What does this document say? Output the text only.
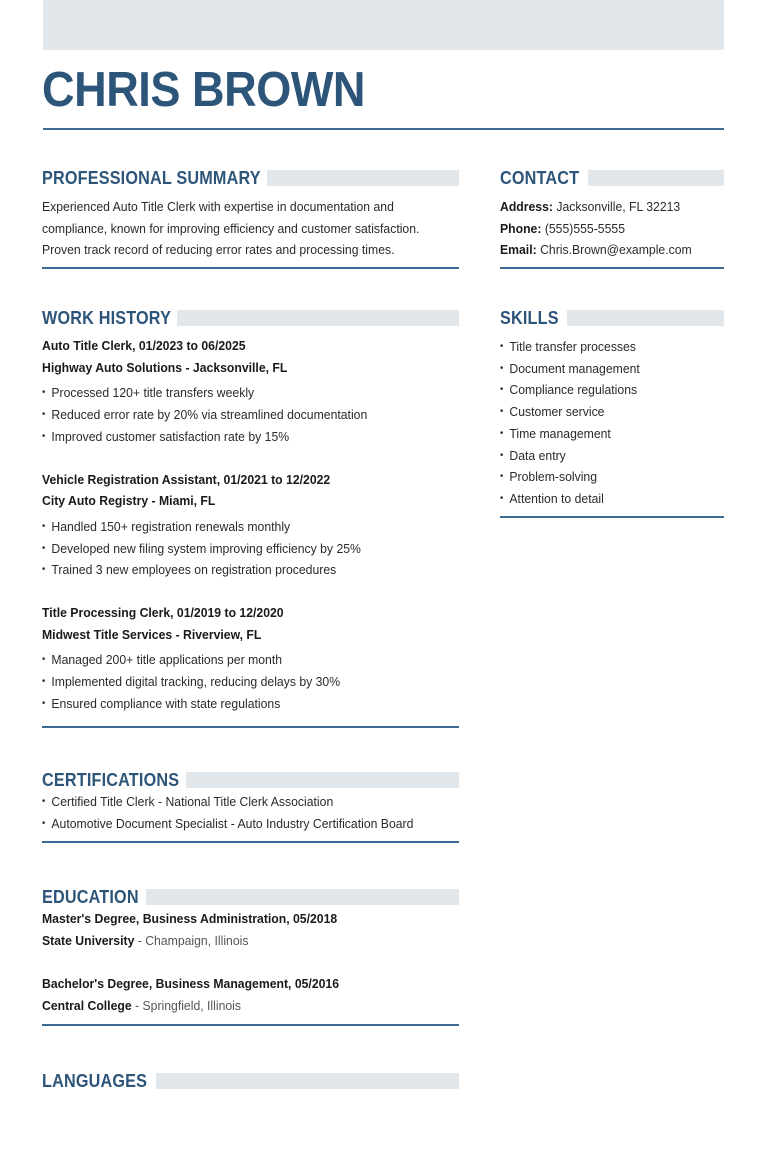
CHRIS BROWN
PROFESSIONAL SUMMARY
Experienced Auto Title Clerk with expertise in documentation and
compliance, known for improving efficiency and customer satisfaction.
Proven track record of reducing error rates and processing times.
WORK HISTORY
Auto Title Clerk, 01/2023 to 06/2025
Highway Auto Solutions - Jacksonville, FL
• Processed 120+ title transfers weekly
• Reduced error rate by 20% via streamlined documentation
• Improved customer satisfaction rate by 15%
Vehicle Registration Assistant, 01/2021 to 12/2022
City Auto Registry - Miami, FL
• Handled 150+ registration renewals monthly
• Developed new filing system improving efficiency by 25%
• Trained 3 new employees on registration procedures
Title Processing Clerk, 01/2019 to 12/2020
Midwest Title Services - Riverview, FL
• Managed 200+ title applications per month
• Implemented digital tracking, reducing delays by 30%
• Ensured compliance with state regulations
CERTIFICATIONS
• Certified Title Clerk - National Title Clerk Association
• Automotive Document Specialist - Auto Industry Certification Board
EDUCATION
Master's Degree, Business Administration, 05/2018
State University - Champaign, Illinois
Bachelor's Degree, Business Management, 05/2016
Central College - Springfield, Illinois
LANGUAGES
CONTACT
Address: Jacksonville, FL 32213
Phone: (555)555-5555
Email: Chris.Brown@example.com
SKILLS
• Title transfer processes
• Document management
• Compliance regulations
• Customer service
• Time management
• Data entry
• Problem-solving
• Attention to detail
